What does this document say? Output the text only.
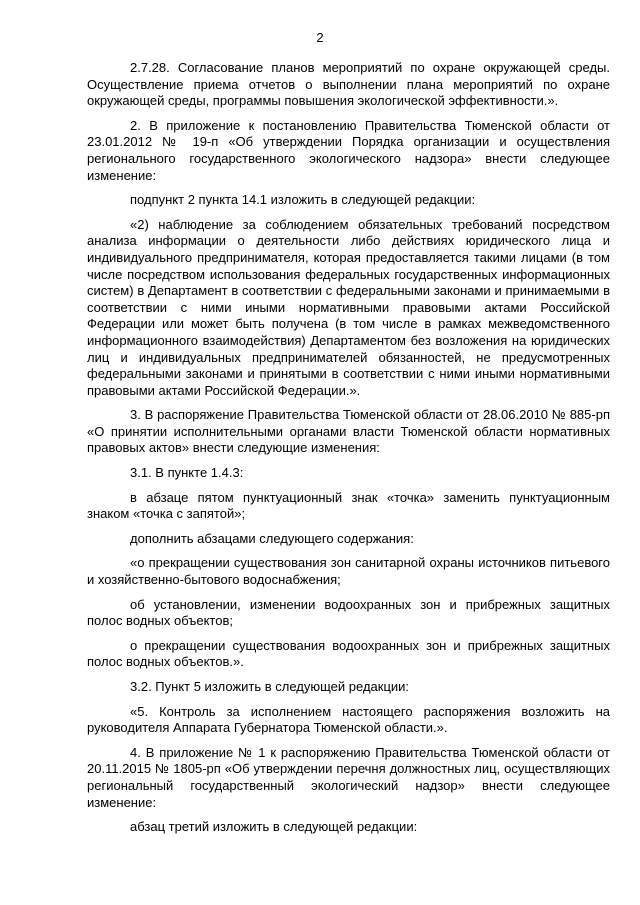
2

2.7.28. Согласование планов мероприятий по охране окружающей среды. Осуществление приема отчетов о выполнении плана мероприятий по охране окружающей среды, программы повышения экологической эффективности.».

2. В приложение к постановлению Правительства Тюменской области от 23.01.2012 № 19-п «Об утверждении Порядка организации и осуществления регионального государственного экологического надзора» внести следующее изменение:

подпункт 2 пункта 14.1 изложить в следующей редакции:

«2) наблюдение за соблюдением обязательных требований посредством анализа информации о деятельности либо действиях юридического лица и индивидуального предпринимателя, которая предоставляется такими лицами (в том числе посредством использования федеральных государственных информационных систем) в Департамент в соответствии с федеральными законами и принимаемыми в соответствии с ними иными нормативными правовыми актами Российской Федерации или может быть получена (в том числе в рамках межведомственного информационного взаимодействия) Департаментом без возложения на юридических лиц и индивидуальных предпринимателей обязанностей, не предусмотренных федеральными законами и принятыми в соответствии с ними иными нормативными правовыми актами Российской Федерации.».

3. В распоряжение Правительства Тюменской области от 28.06.2010 № 885-рп «О принятии исполнительными органами власти Тюменской области нормативных правовых актов» внести следующие изменения:

3.1. В пункте 1.4.3:

в абзаце пятом пунктуационный знак «точка» заменить пунктуационным знаком «точка с запятой»;

дополнить абзацами следующего содержания:

«о прекращении существования зон санитарной охраны источников питьевого и хозяйственно-бытового водоснабжения;

об установлении, изменении водоохранных зон и прибрежных защитных полос водных объектов;

о прекращении существования водоохранных зон и прибрежных защитных полос водных объектов.».

3.2. Пункт 5 изложить в следующей редакции:

«5. Контроль за исполнением настоящего распоряжения возложить на руководителя Аппарата Губернатора Тюменской области.».

4. В приложение № 1 к распоряжению Правительства Тюменской области от 20.11.2015 № 1805-рп «Об утверждении перечня должностных лиц, осуществляющих региональный государственный экологический надзор» внести следующее изменение:

абзац третий изложить в следующей редакции:
